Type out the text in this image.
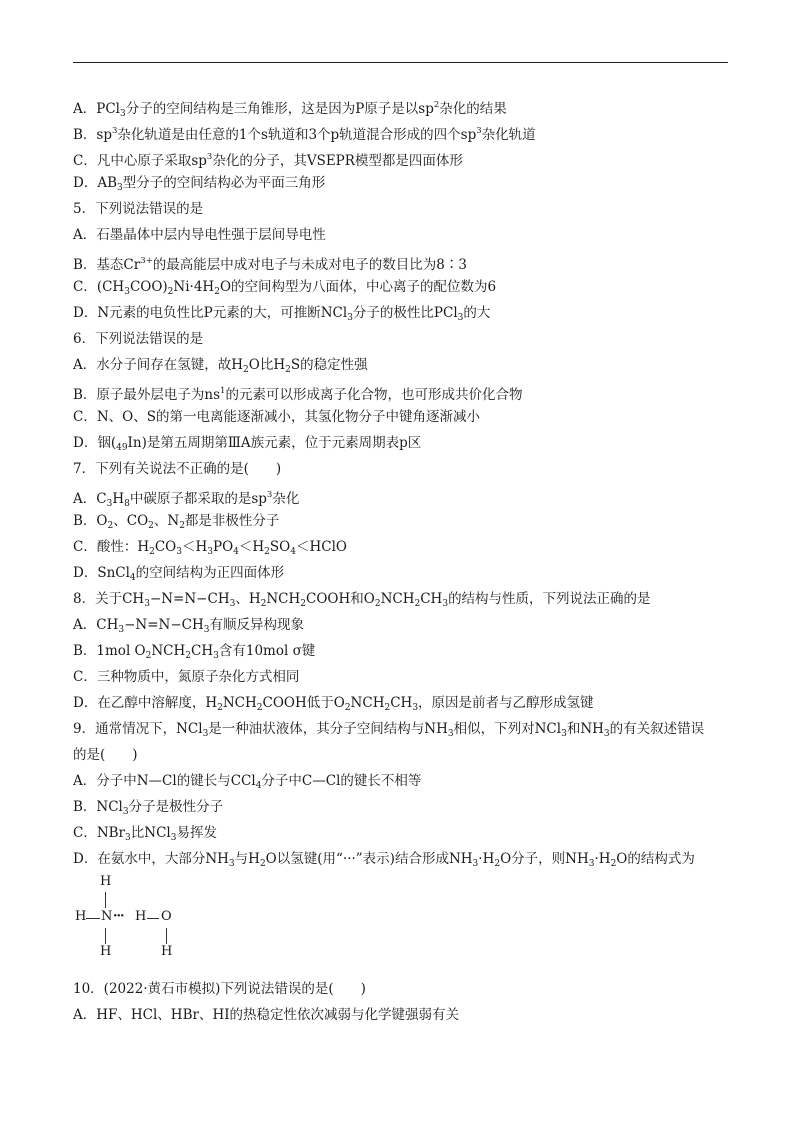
A．PCl$_3$分子的空间结构是三角锥形，这是因为P原子是以$sp^2$杂化的结果
B．$sp^3$杂化轨道是由任意的1个s轨道和3个p轨道混合形成的四个$sp^3$杂化轨道
C．凡中心原子采取$sp^3$杂化的分子，其VSEPR模型都是四面体形
D．$AB_3$型分子的空间结构必为平面三角形
5．下列说法错误的是
A．石墨晶体中层内导电性强于层间导电性
B．基态$Cr^{3+}$的最高能层中成对电子与未成对电子的数目比为8∶3
C．$(CH_3COO)_2Ni\cdot 4H_2O$的空间构型为八面体，中心离子的配位数为6
D．N元素的电负性比P元素的大，可推断NCl$_3$分子的极性比PCl$_3$的大
6．下列说法错误的是
A．水分子间存在氢键，故$H_2O$比$H_2S$的稳定性强
B．原子最外层电子为$ns^1$的元素可以形成离子化合物，也可形成共价化合物
C．N、O、S的第一电离能逐渐减小，其氢化物分子中键角逐渐减小
D．铟$(_{49}In)$是第五周期第ⅢA族元素，位于元素周期表p区
7．下列有关说法不正确的是(　　)
A．$C_3H_8$中碳原子都采取的是$sp^3$杂化
B．$O_2$、$CO_2$、$N_2$都是非极性分子
C．酸性：$H_2CO_3<H_3PO_4<H_2SO_4<HClO$
D．SnCl$_4$的空间结构为正四面体形
8．关于$CH_3-N=N-CH_3$、$H_2NCH_2COOH$和$O_2NCH_2CH_3$的结构与性质，下列说法正确的是
A．$CH_3-N=N-CH_3$有顺反异构现象
B．1mol $O_2NCH_2CH_3$含有10mol σ键
C．三种物质中，氮原子杂化方式相同
D．在乙醇中溶解度，$H_2NCH_2COOH$低于$O_2NCH_2CH_3$，原因是前者与乙醇形成氢键
9．通常情况下，NCl$_3$是一种油状液体，其分子空间结构与$NH_3$相似，下列对NCl$_3$和$NH_3$的有关叙述错误
的是(　　)
A．分子中N—Cl的键长与CCl$_4$分子中C—Cl的键长不相等
B．NCl$_3$分子是极性分子
C．NBr$_3$比NCl$_3$易挥发
D．在氨水中，大部分$NH_3$与$H_2O$以氢键(用“···”表示)结合形成$NH_3\cdot H_2O$分子，则$NH_3\cdot H_2O$的结构式为
H
H N ··· H O
H	H
10．(2022·黄石市模拟)下列说法错误的是(　　)
A．HF、HCl、HBr、HI的热稳定性依次减弱与化学键强弱有关
